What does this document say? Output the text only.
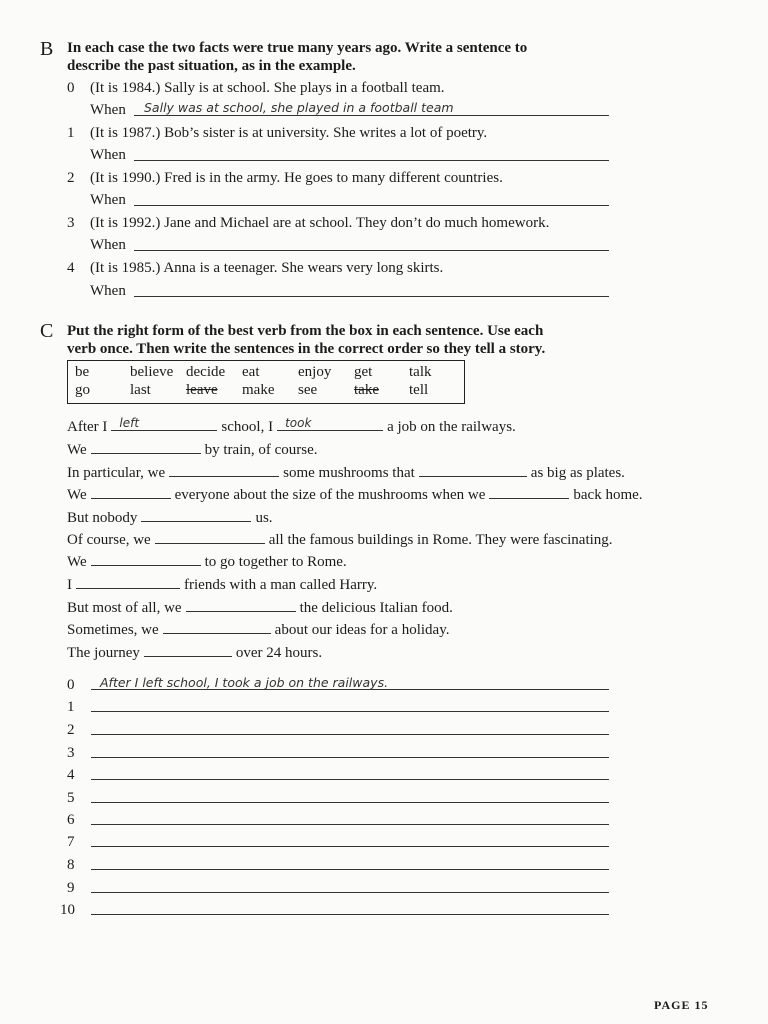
B In each case the two facts were true many years ago. Write a sentence to
describe the past situation, as in the example.
0 (It is 1984.) Sally is at school. She plays in a football team.
When Sally was at school, she played in a football team
1 (It is 1987.) Bob’s sister is at university. She writes a lot of poetry.
When
2 (It is 1990.) Fred is in the army. He goes to many different countries.
When
3 (It is 1992.) Jane and Michael are at school. They don’t do much homework.
When
4 (It is 1985.) Anna is a teenager. She wears very long skirts.
When
C Put the right form of the best verb from the box in each sentence. Use each
verb once. Then write the sentences in the correct order so they tell a story.
be	believe decide eat	enjoy get talk
go	last leave make see take tell
After I left	school, I took	a job on the railways.
We	by train, of course.
In particular, we	some mushrooms that	as big as plates.
We	everyone about the size of the mushrooms when we	back home.
But nobody	us.
Of course, we	all the famous buildings in Rome. They were fascinating.
We	to go together to Rome.
I	friends with a man called Harry.
But most of all, we	the delicious Italian food.
Sometimes, we	about our ideas for a holiday.
The journey	over 24 hours.
0 After I left school, I took a job on the railways.
1
2
3
4
5
6
7
8
9
10
PAGE 15
